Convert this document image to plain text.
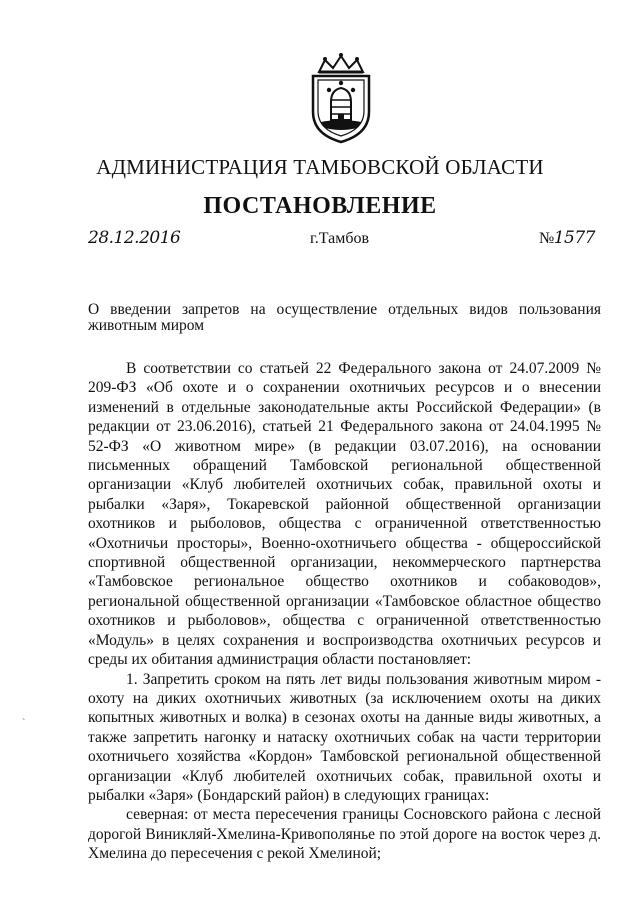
АДМИНИСТРАЦИЯ ТАМБОВСКОЙ ОБЛАСТИ
ПОСТАНОВЛЕНИЕ
28.12.2016	г.Тамбов	№1577
О введении запретов на осуществление отдельных видов пользования животным миром

В соответствии со статьей 22 Федерального закона от 24.07.2009 № 209-ФЗ «Об охоте и о сохранении охотничьих ресурсов и о внесении изменений в отдельные законодательные акты Российской Федерации» (в редакции от 23.06.2016), статьей 21 Федерального закона от 24.04.1995 № 52-ФЗ «О животном мире» (в редакции 03.07.2016), на основании письменных обращений Тамбовской региональной общественной организации «Клуб любителей охотничьих собак, правильной охоты и рыбалки «Заря», Токаревской районной общественной организации охотников и рыболовов, общества с ограниченной ответственностью «Охотничьи просторы», Военно-охотничьего общества - общероссийской спортивной общественной организации, некоммерческого партнерства «Тамбовское региональное общество охотников и собаководов», региональной общественной организации «Тамбовское областное общество охотников и рыболовов», общества с ограниченной ответственностью «Модуль» в целях сохранения и воспроизводства охотничьих ресурсов и среды их обитания администрация области постановляет:

1. Запретить сроком на пять лет виды пользования животным миром - охоту на диких охотничьих животных (за исключением охоты на диких копытных животных и волка) в сезонах охоты на данные виды животных, а также запретить нагонку и натаску охотничьих собак на части территории охотничьего хозяйства «Кордон» Тамбовской региональной общественной организации «Клуб любителей охотничьих собак, правильной охоты и рыбалки «Заря» (Бондарский район) в следующих границах:

северная: от места пересечения границы Сосновского района с лесной дорогой Виникляй-Хмелина-Кривополянье по этой дороге на восток через д. Хмелина до пересечения с рекой Хмелиной;

ˋ
